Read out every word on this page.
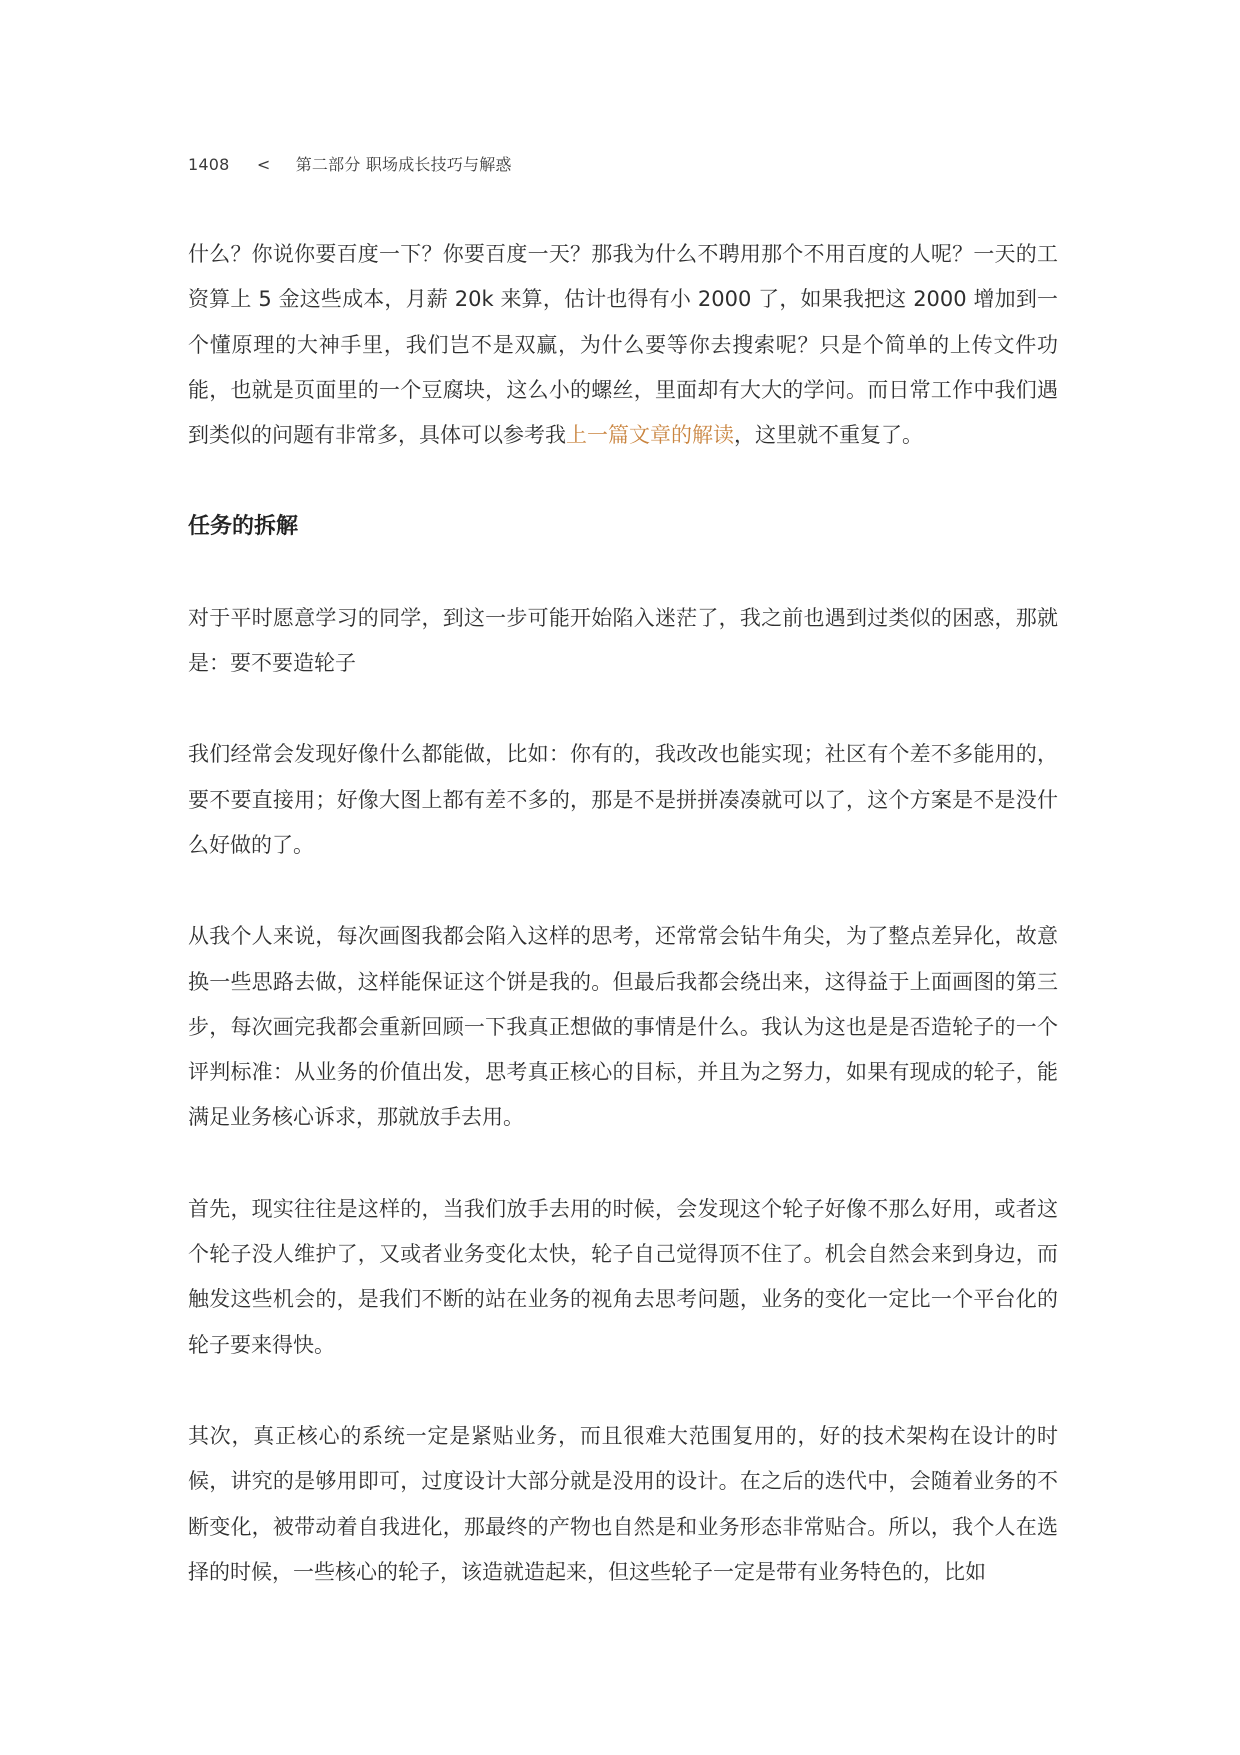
1408 < 第二部分 职场成长技巧与解惑

什么？你说你要百度一下？你要百度一天？那我为什么不聘用那个不用百度的人呢？一天的工资算上 5 金这些成本，月薪 20k 来算，估计也得有小 2000 了，如果我把这 2000 增加到一个懂原理的大神手里，我们岂不是双赢，为什么要等你去搜索呢？只是个简单的上传文件功能，也就是页面里的一个豆腐块，这么小的螺丝，里面却有大大的学问。而日常工作中我们遇到类似的问题有非常多，具体可以参考我上一篇文章的解读，这里就不重复了。

任务的拆解

对于平时愿意学习的同学，到这一步可能开始陷入迷茫了，我之前也遇到过类似的困惑，那就是：要不要造轮子

我们经常会发现好像什么都能做，比如：你有的，我改改也能实现；社区有个差不多能用的，要不要直接用；好像大图上都有差不多的，那是不是拼拼凑凑就可以了，这个方案是不是没什么好做的了。

从我个人来说，每次画图我都会陷入这样的思考，还常常会钻牛角尖，为了整点差异化，故意换一些思路去做，这样能保证这个饼是我的。但最后我都会绕出来，这得益于上面画图的第三步，每次画完我都会重新回顾一下我真正想做的事情是什么。我认为这也是是否造轮子的一个评判标准：从业务的价值出发，思考真正核心的目标，并且为之努力，如果有现成的轮子，能满足业务核心诉求，那就放手去用。

首先，现实往往是这样的，当我们放手去用的时候，会发现这个轮子好像不那么好用，或者这个轮子没人维护了，又或者业务变化太快，轮子自己觉得顶不住了。机会自然会来到身边，而触发这些机会的，是我们不断的站在业务的视角去思考问题，业务的变化一定比一个平台化的轮子要来得快。

其次，真正核心的系统一定是紧贴业务，而且很难大范围复用的，好的技术架构在设计的时候，讲究的是够用即可，过度设计大部分就是没用的设计。在之后的迭代中，会随着业务的不断变化，被带动着自我进化，那最终的产物也自然是和业务形态非常贴合。所以，我个人在选择的时候，一些核心的轮子，该造就造起来，但这些轮子一定是带有业务特色的，比如
